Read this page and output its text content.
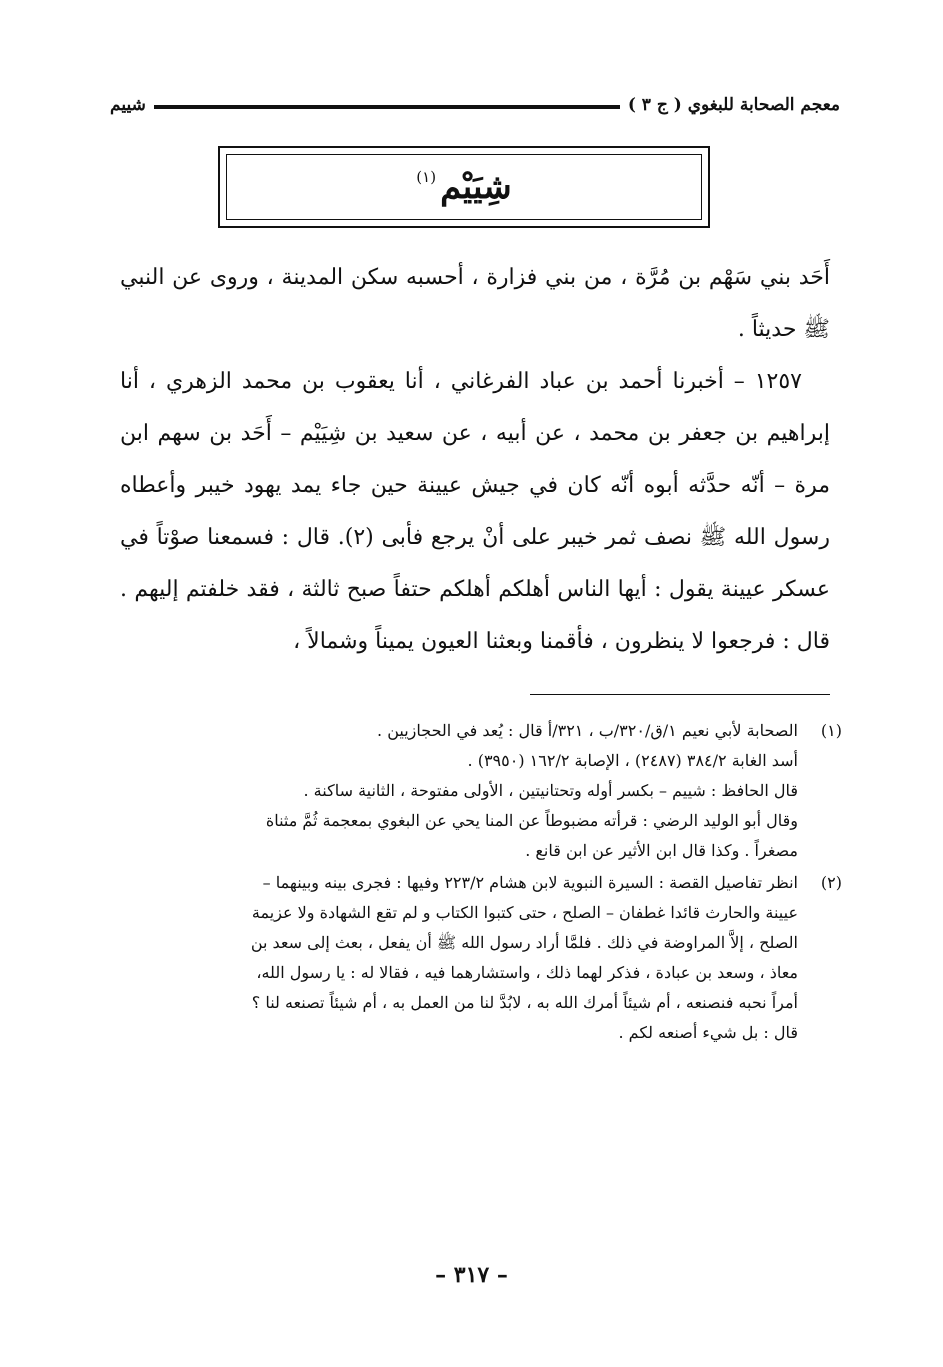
معجم الصحابة للبغوي ( ج ٣ )
شييم
شِيَيْم
$^{(١)}$

أَحَد بني سَهْم بن مُرَّة ، من بني فزارة ، أحسبه سكن المدينة ، وروى عن النبي ﷺ حديثاً .

١٢٥٧ – أخبرنا أحمد بن عباد الفرغاني ، أنا يعقوب بن محمد الزهري ، أنا إبراهيم بن جعفر بن محمد ، عن أبيه ، عن سعيد بن شِيَيْم – أَحَد بن سهم ابن مرة – أنّه حدَّثه أبوه أنّه كان في جيش عيينة حين جاء يمد يهود خيبر وأعطاه رسول الله ﷺ نصف ثمر خيبر على أنْ يرجع فأبى (٢). قال : فسمعنا صوْتاً في عسكر عيينة يقول : أيها الناس أهلكم أهلكم حتفاً صبح ثالثة ، فقد خلفتم إليهم . قال : فرجعوا لا ينظرون ، فأقمنا وبعثنا العيون يميناً وشمالاً ،

(١)
الصحابة لأبي نعيم ١/ق/٣٢٠/ب ، ٣٢١/أ قال : يُعد في الحجازيين .
أسد الغابة ٣٨٤/٢ (٢٤٨٧) ، الإصابة ١٦٢/٢ (٣٩٥٠) .
قال الحافظ : شييم – بكسر أوله وتحتانيتين ، الأولى مفتوحة ، الثانية ساكنة .
وقال أبو الوليد الرضي : قرأته مضبوطاً عن المنا يحي عن البغوي بمعجمة ثُمَّ مثناة
مصغراً . وكذا قال ابن الأثير عن ابن قانع .
(٢)
انظر تفاصيل القصة : السيرة النبوية لابن هشام ٢٢٣/٢ وفيها : فجرى بينه وبينهما –
عيينة والحارث قائدا غطفان – الصلح ، حتى كتبوا الكتاب و لم تقع الشهادة ولا عزيمة
الصلح ، إلاَّ المراوضة في ذلك . فلمَّا أراد رسول الله ﷺ أن يفعل ، بعث إلى سعد بن
معاذ ، وسعد بن عبادة ، فذكر لهما ذلك ، واستشارهما فيه ، فقالا له : يا رسول الله،
أمراً نحبه فنصنعه ، أم شيئاً أمرك الله به ، لابُدَّ لنا من العمل به ، أم شيئاً تصنعه لنا ؟
قال : بل شيء أصنعه لكم .
– ٣١٧ –
